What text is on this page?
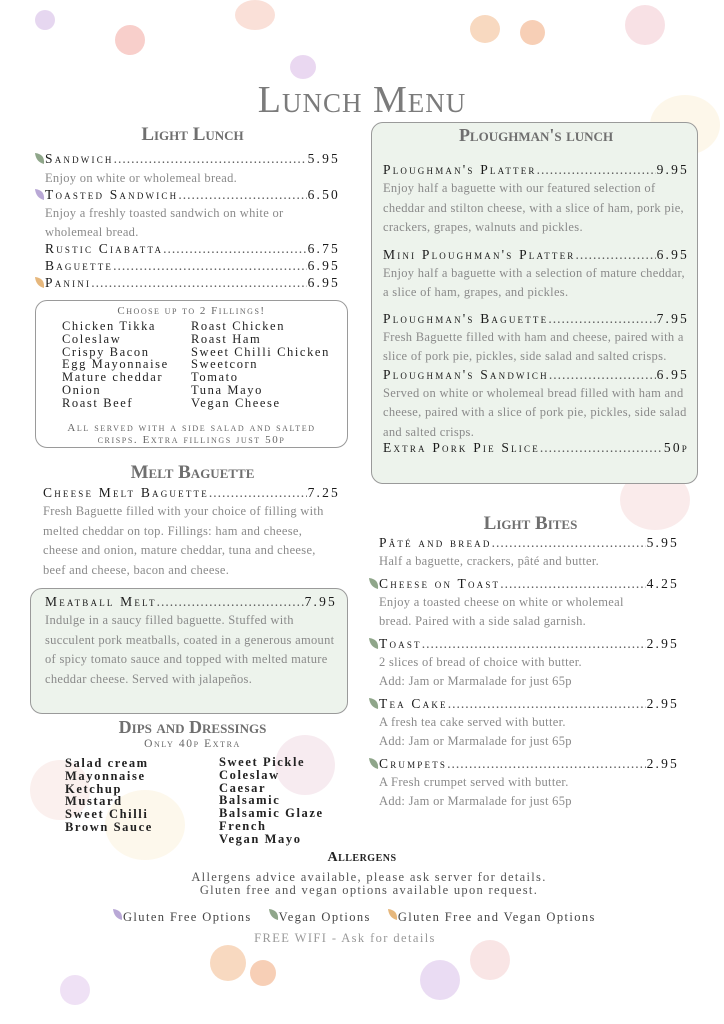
Lunch Menu
Light Lunch
Sandwich .....	5.95
Enjoy on white or wholemeal bread.
Toasted Sandwich .....	6.50
Enjoy a freshly toasted sandwich on white or
wholemeal bread.
Rustic Ciabatta .....	6.75
Baguette .....	6.95
Panini .....	6.95
Choose up to 2 Fillings!
Chicken Tikka
Coleslaw
Crispy Bacon
Egg Mayonnaise
Mature cheddar
Onion
Roast Beef
Roast Chicken
Roast Ham
Sweet Chilli Chicken
Sweetcorn
Tomato
Tuna Mayo
Vegan Cheese
All served with a side salad and salted crisps. Extra fillings just 50p
Melt Baguette
Cheese Melt Baguette .....	7.25
Fresh Baguette filled with your choice of filling with melted cheddar on top. Fillings: ham and cheese, cheese and onion, mature cheddar, tuna and cheese, beef and cheese, bacon and cheese.
Meatball Melt .....	7.95
Indulge in a saucy filled baguette. Stuffed with succulent pork meatballs, coated in a generous amount of spicy tomato sauce and topped with melted mature cheddar cheese. Served with jalapeños.
Dips and Dressings
Only 40p Extra
Salad cream
Mayonnaise
Ketchup
Mustard
Sweet Chilli
Brown Sauce
Sweet Pickle
Coleslaw
Caesar
Balsamic
Balsamic Glaze
French
Vegan Mayo
Ploughman's lunch
Ploughman's Platter .....	9.95
Enjoy half a baguette with our featured selection of cheddar and stilton cheese, with a slice of ham, pork pie, crackers, grapes, walnuts and pickles.
Mini Ploughman's Platter .....	6.95
Enjoy half a baguette with a selection of mature cheddar, a slice of ham, grapes, and pickles.
Ploughman's Baguette .....	7.95
Fresh Baguette filled with ham and cheese, paired with a slice of pork pie, pickles, side salad and salted crisps.
Ploughman's Sandwich .....	6.95
Served on white or wholemeal bread filled with ham and cheese, paired with a slice of pork pie, pickles, side salad and salted crisps.
Extra Pork Pie Slice .....	50p
Light Bites
Pâté and bread .....	5.95
Half a baguette, crackers, pâté and butter.
Cheese on Toast .....	4.25
Enjoy a toasted cheese on white or wholemeal
bread. Paired with a side salad garnish.
Toast .....	2.95
2 slices of bread of choice with butter.
Add: Jam or Marmalade for just 65p
Tea Cake .....	2.95
A fresh tea cake served with butter.
Add: Jam or Marmalade for just 65p
Crumpets .....	2.95
A Fresh crumpet served with butter.
Add: Jam or Marmalade for just 65p
Allergens
Allergens advice available, please ask server for details.
Gluten free and vegan options available upon request.
Gluten Free Options	Vegan Options	Gluten Free and Vegan Options
FREE WIFI - Ask for details
